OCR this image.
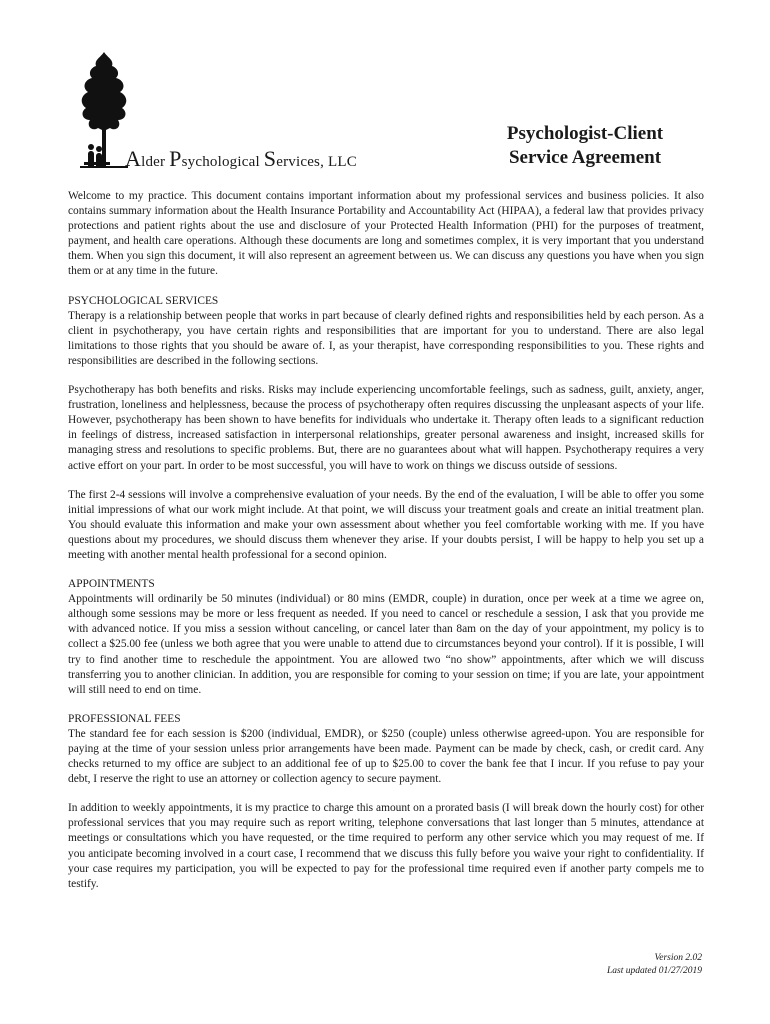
Alder Psychological Services, LLC
Psychologist-Client
Service Agreement

Welcome to my practice. This document contains important information about my professional services and business policies. It also contains summary information about the Health Insurance Portability and Accountability Act (HIPAA), a federal law that provides privacy protections and patient rights about the use and disclosure of your Protected Health Information (PHI) for the purposes of treatment, payment, and health care operations. Although these documents are long and sometimes complex, it is very important that you understand them. When you sign this document, it will also represent an agreement between us. We can discuss any questions you have when you sign them or at any time in the future.

PSYCHOLOGICAL SERVICES

Therapy is a relationship between people that works in part because of clearly defined rights and responsibilities held by each person. As a client in psychotherapy, you have certain rights and responsibilities that are important for you to understand. There are also legal limitations to those rights that you should be aware of. I, as your therapist, have corresponding responsibilities to you. These rights and responsibilities are described in the following sections.

Psychotherapy has both benefits and risks. Risks may include experiencing uncomfortable feelings, such as sadness, guilt, anxiety, anger, frustration, loneliness and helplessness, because the process of psychotherapy often requires discussing the unpleasant aspects of your life. However, psychotherapy has been shown to have benefits for individuals who undertake it. Therapy often leads to a significant reduction in feelings of distress, increased satisfaction in interpersonal relationships, greater personal awareness and insight, increased skills for managing stress and resolutions to specific problems. But, there are no guarantees about what will happen. Psychotherapy requires a very active effort on your part. In order to be most successful, you will have to work on things we discuss outside of sessions.

The first 2-4 sessions will involve a comprehensive evaluation of your needs. By the end of the evaluation, I will be able to offer you some initial impressions of what our work might include. At that point, we will discuss your treatment goals and create an initial treatment plan. You should evaluate this information and make your own assessment about whether you feel comfortable working with me. If you have questions about my procedures, we should discuss them whenever they arise. If your doubts persist, I will be happy to help you set up a meeting with another mental health professional for a second opinion.

APPOINTMENTS

Appointments will ordinarily be 50 minutes (individual) or 80 mins (EMDR, couple) in duration, once per week at a time we agree on, although some sessions may be more or less frequent as needed. If you need to cancel or reschedule a session, I ask that you provide me with advanced notice. If you miss a session without canceling, or cancel later than 8am on the day of your appointment, my policy is to collect a $25.00 fee (unless we both agree that you were unable to attend due to circumstances beyond your control). If it is possible, I will try to find another time to reschedule the appointment. You are allowed two “no show” appointments, after which we will discuss transferring you to another clinician. In addition, you are responsible for coming to your session on time; if you are late, your appointment will still need to end on time.

PROFESSIONAL FEES

The standard fee for each session is $200 (individual, EMDR), or $250 (couple) unless otherwise agreed-upon. You are responsible for paying at the time of your session unless prior arrangements have been made. Payment can be made by check, cash, or credit card. Any checks returned to my office are subject to an additional fee of up to $25.00 to cover the bank fee that I incur. If you refuse to pay your debt, I reserve the right to use an attorney or collection agency to secure payment.

In addition to weekly appointments, it is my practice to charge this amount on a prorated basis (I will break down the hourly cost) for other professional services that you may require such as report writing, telephone conversations that last longer than 5 minutes, attendance at meetings or consultations which you have requested, or the time required to perform any other service which you may request of me. If you anticipate becoming involved in a court case, I recommend that we discuss this fully before you waive your right to confidentiality. If your case requires my participation, you will be expected to pay for the professional time required even if another party compels me to testify.

Version 2.02
Last updated 01/27/2019
